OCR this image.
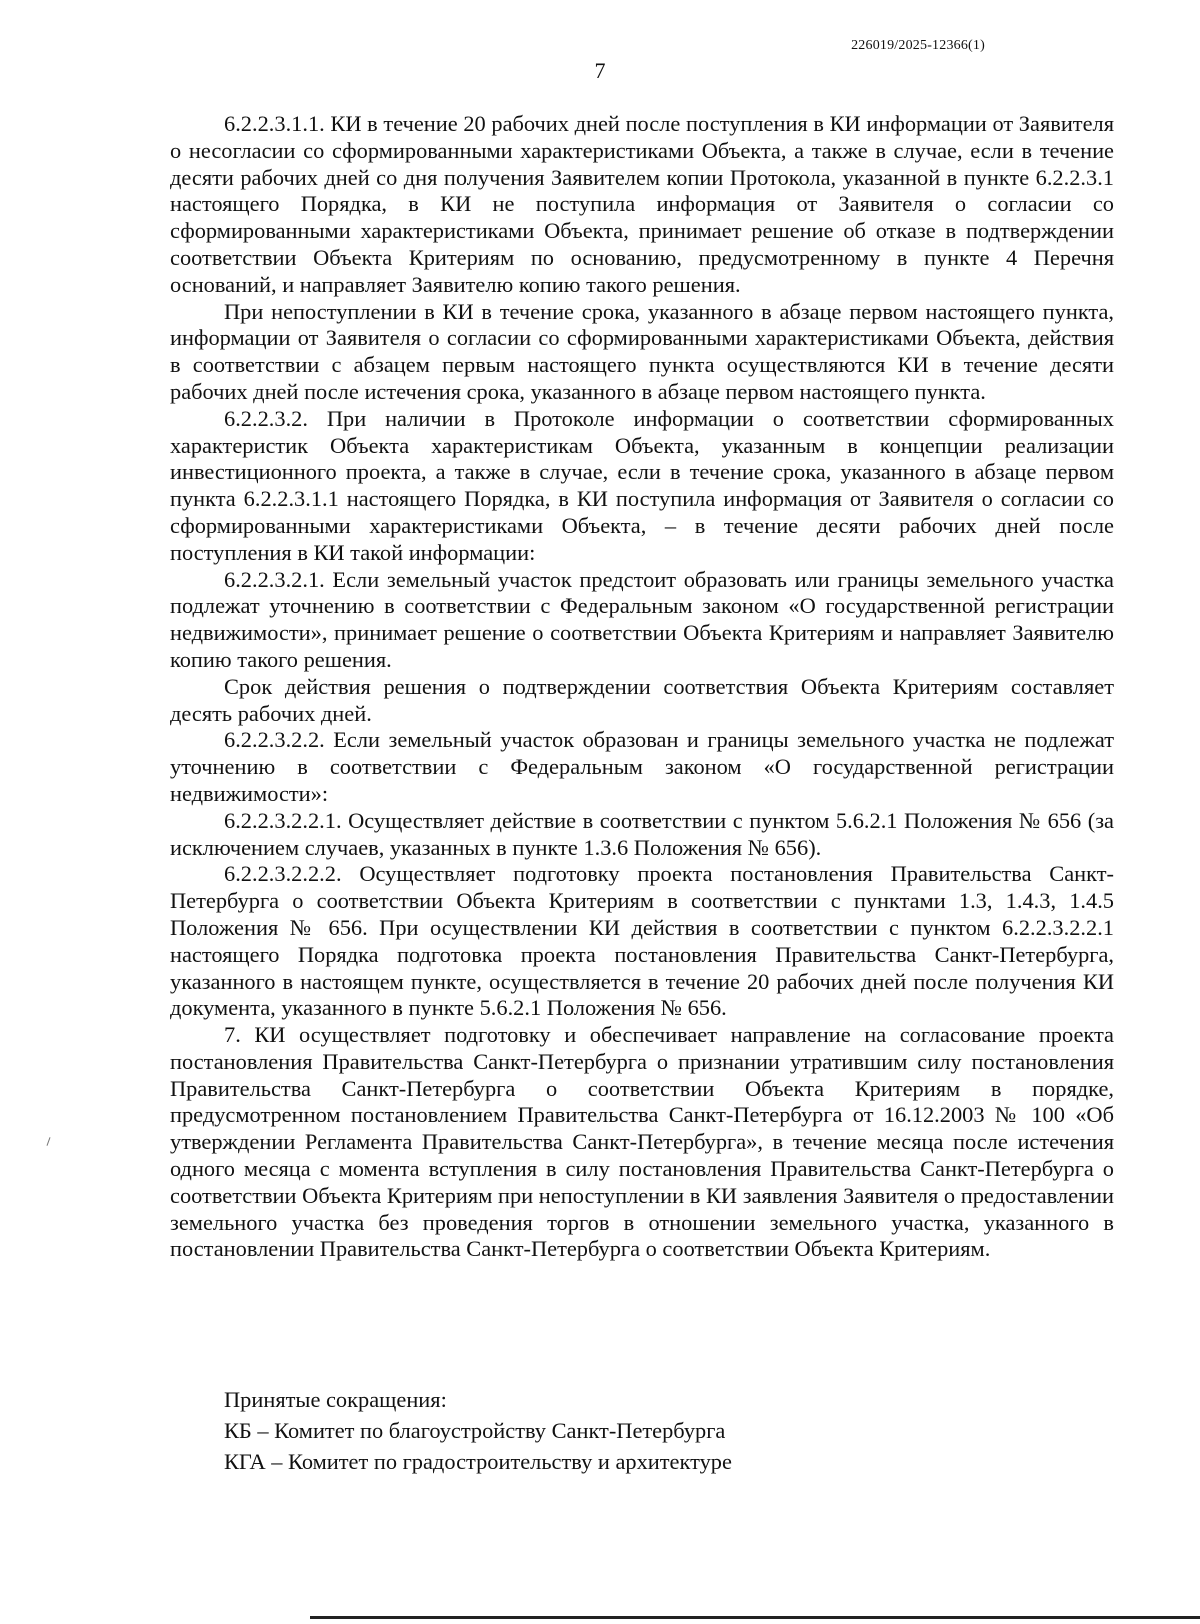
226019/2025-12366(1)
7

6.2.2.3.1.1. КИ в течение 20 рабочих дней после поступления в КИ информации от Заявителя о несогласии со сформированными характеристиками Объекта, а также в случае, если в течение десяти рабочих дней со дня получения Заявителем копии Протокола, указанной в пункте 6.2.2.3.1 настоящего Порядка, в КИ не поступила информация от Заявителя о согласии со сформированными характеристиками Объекта, принимает решение об отказе в подтверждении соответствии Объекта Критериям по основанию, предусмотренному в пункте 4 Перечня оснований, и направляет Заявителю копию такого решения.

При непоступлении в КИ в течение срока, указанного в абзаце первом настоящего пункта, информации от Заявителя о согласии со сформированными характеристиками Объекта, действия в соответствии с абзацем первым настоящего пункта осуществляются КИ в течение десяти рабочих дней после истечения срока, указанного в абзаце первом настоящего пункта.

6.2.2.3.2. При наличии в Протоколе информации о соответствии сформированных характеристик Объекта характеристикам Объекта, указанным в концепции реализации инвестиционного проекта, а также в случае, если в течение срока, указанного в абзаце первом пункта 6.2.2.3.1.1 настоящего Порядка, в КИ поступила информация от Заявителя о согласии со сформированными характеристиками Объекта, – в течение десяти рабочих дней после поступления в КИ такой информации:

6.2.2.3.2.1. Если земельный участок предстоит образовать или границы земельного участка подлежат уточнению в соответствии с Федеральным законом «О государственной регистрации недвижимости», принимает решение о соответствии Объекта Критериям и направляет Заявителю копию такого решения.

Срок действия решения о подтверждении соответствия Объекта Критериям составляет десять рабочих дней.

6.2.2.3.2.2. Если земельный участок образован и границы земельного участка не подлежат уточнению в соответствии с Федеральным законом «О государственной регистрации недвижимости»:

6.2.2.3.2.2.1. Осуществляет действие в соответствии с пунктом 5.6.2.1 Положения № 656 (за исключением случаев, указанных в пункте 1.3.6 Положения № 656).

6.2.2.3.2.2.2. Осуществляет подготовку проекта постановления Правительства Санкт-Петербурга о соответствии Объекта Критериям в соответствии с пунктами 1.3, 1.4.3, 1.4.5 Положения № 656. При осуществлении КИ действия в соответствии с пунктом 6.2.2.3.2.2.1 настоящего Порядка подготовка проекта постановления Правительства Санкт-Петербурга, указанного в настоящем пункте, осуществляется в течение 20 рабочих дней после получения КИ документа, указанного в пункте 5.6.2.1 Положения № 656.

7. КИ осуществляет подготовку и обеспечивает направление на согласование проекта постановления Правительства Санкт-Петербурга о признании утратившим силу постановления Правительства Санкт-Петербурга о соответствии Объекта Критериям в порядке, предусмотренном постановлением Правительства Санкт-Петербурга от 16.12.2003 № 100 «Об утверждении Регламента Правительства Санкт-Петербурга», в течение месяца после истечения одного месяца с момента вступления в силу постановления Правительства Санкт-Петербурга о соответствии Объекта Критериям при непоступлении в КИ заявления Заявителя о предоставлении земельного участка без проведения торгов в отношении земельного участка, указанного в постановлении Правительства Санкт-Петербурга о соответствии Объекта Критериям.

Принятые сокращения:
КБ – Комитет по благоустройству Санкт-Петербурга
КГА – Комитет по градостроительству и архитектуре
